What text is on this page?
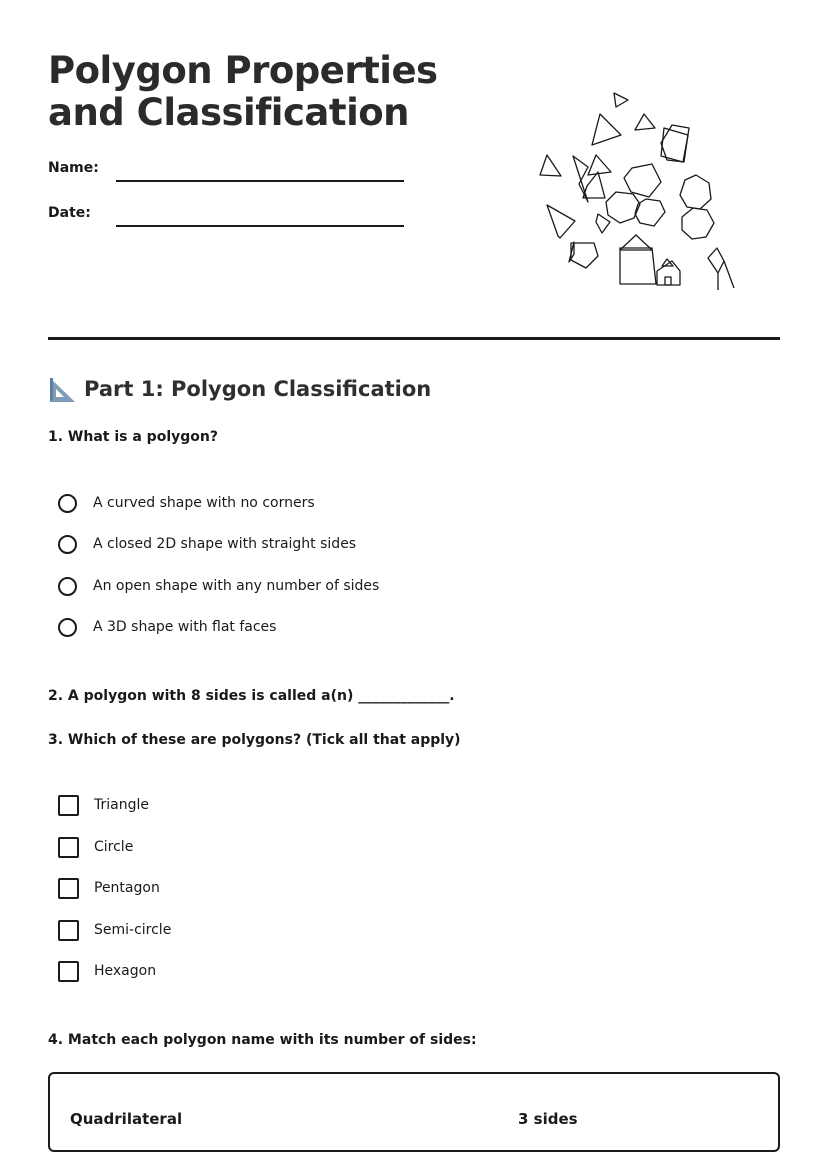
Polygon Properties and Classification
Name:
Date:
Part 1: Polygon Classification
1. What is a polygon?
A curved shape with no corners
A closed 2D shape with straight sides
An open shape with any number of sides
A 3D shape with flat faces
2. A polygon with 8 sides is called a(n) _____________.
3. Which of these are polygons? (Tick all that apply)
Triangle
Circle
Pentagon
Semi-circle
Hexagon
4. Match each polygon name with its number of sides:
Quadrilateral	3 sides
